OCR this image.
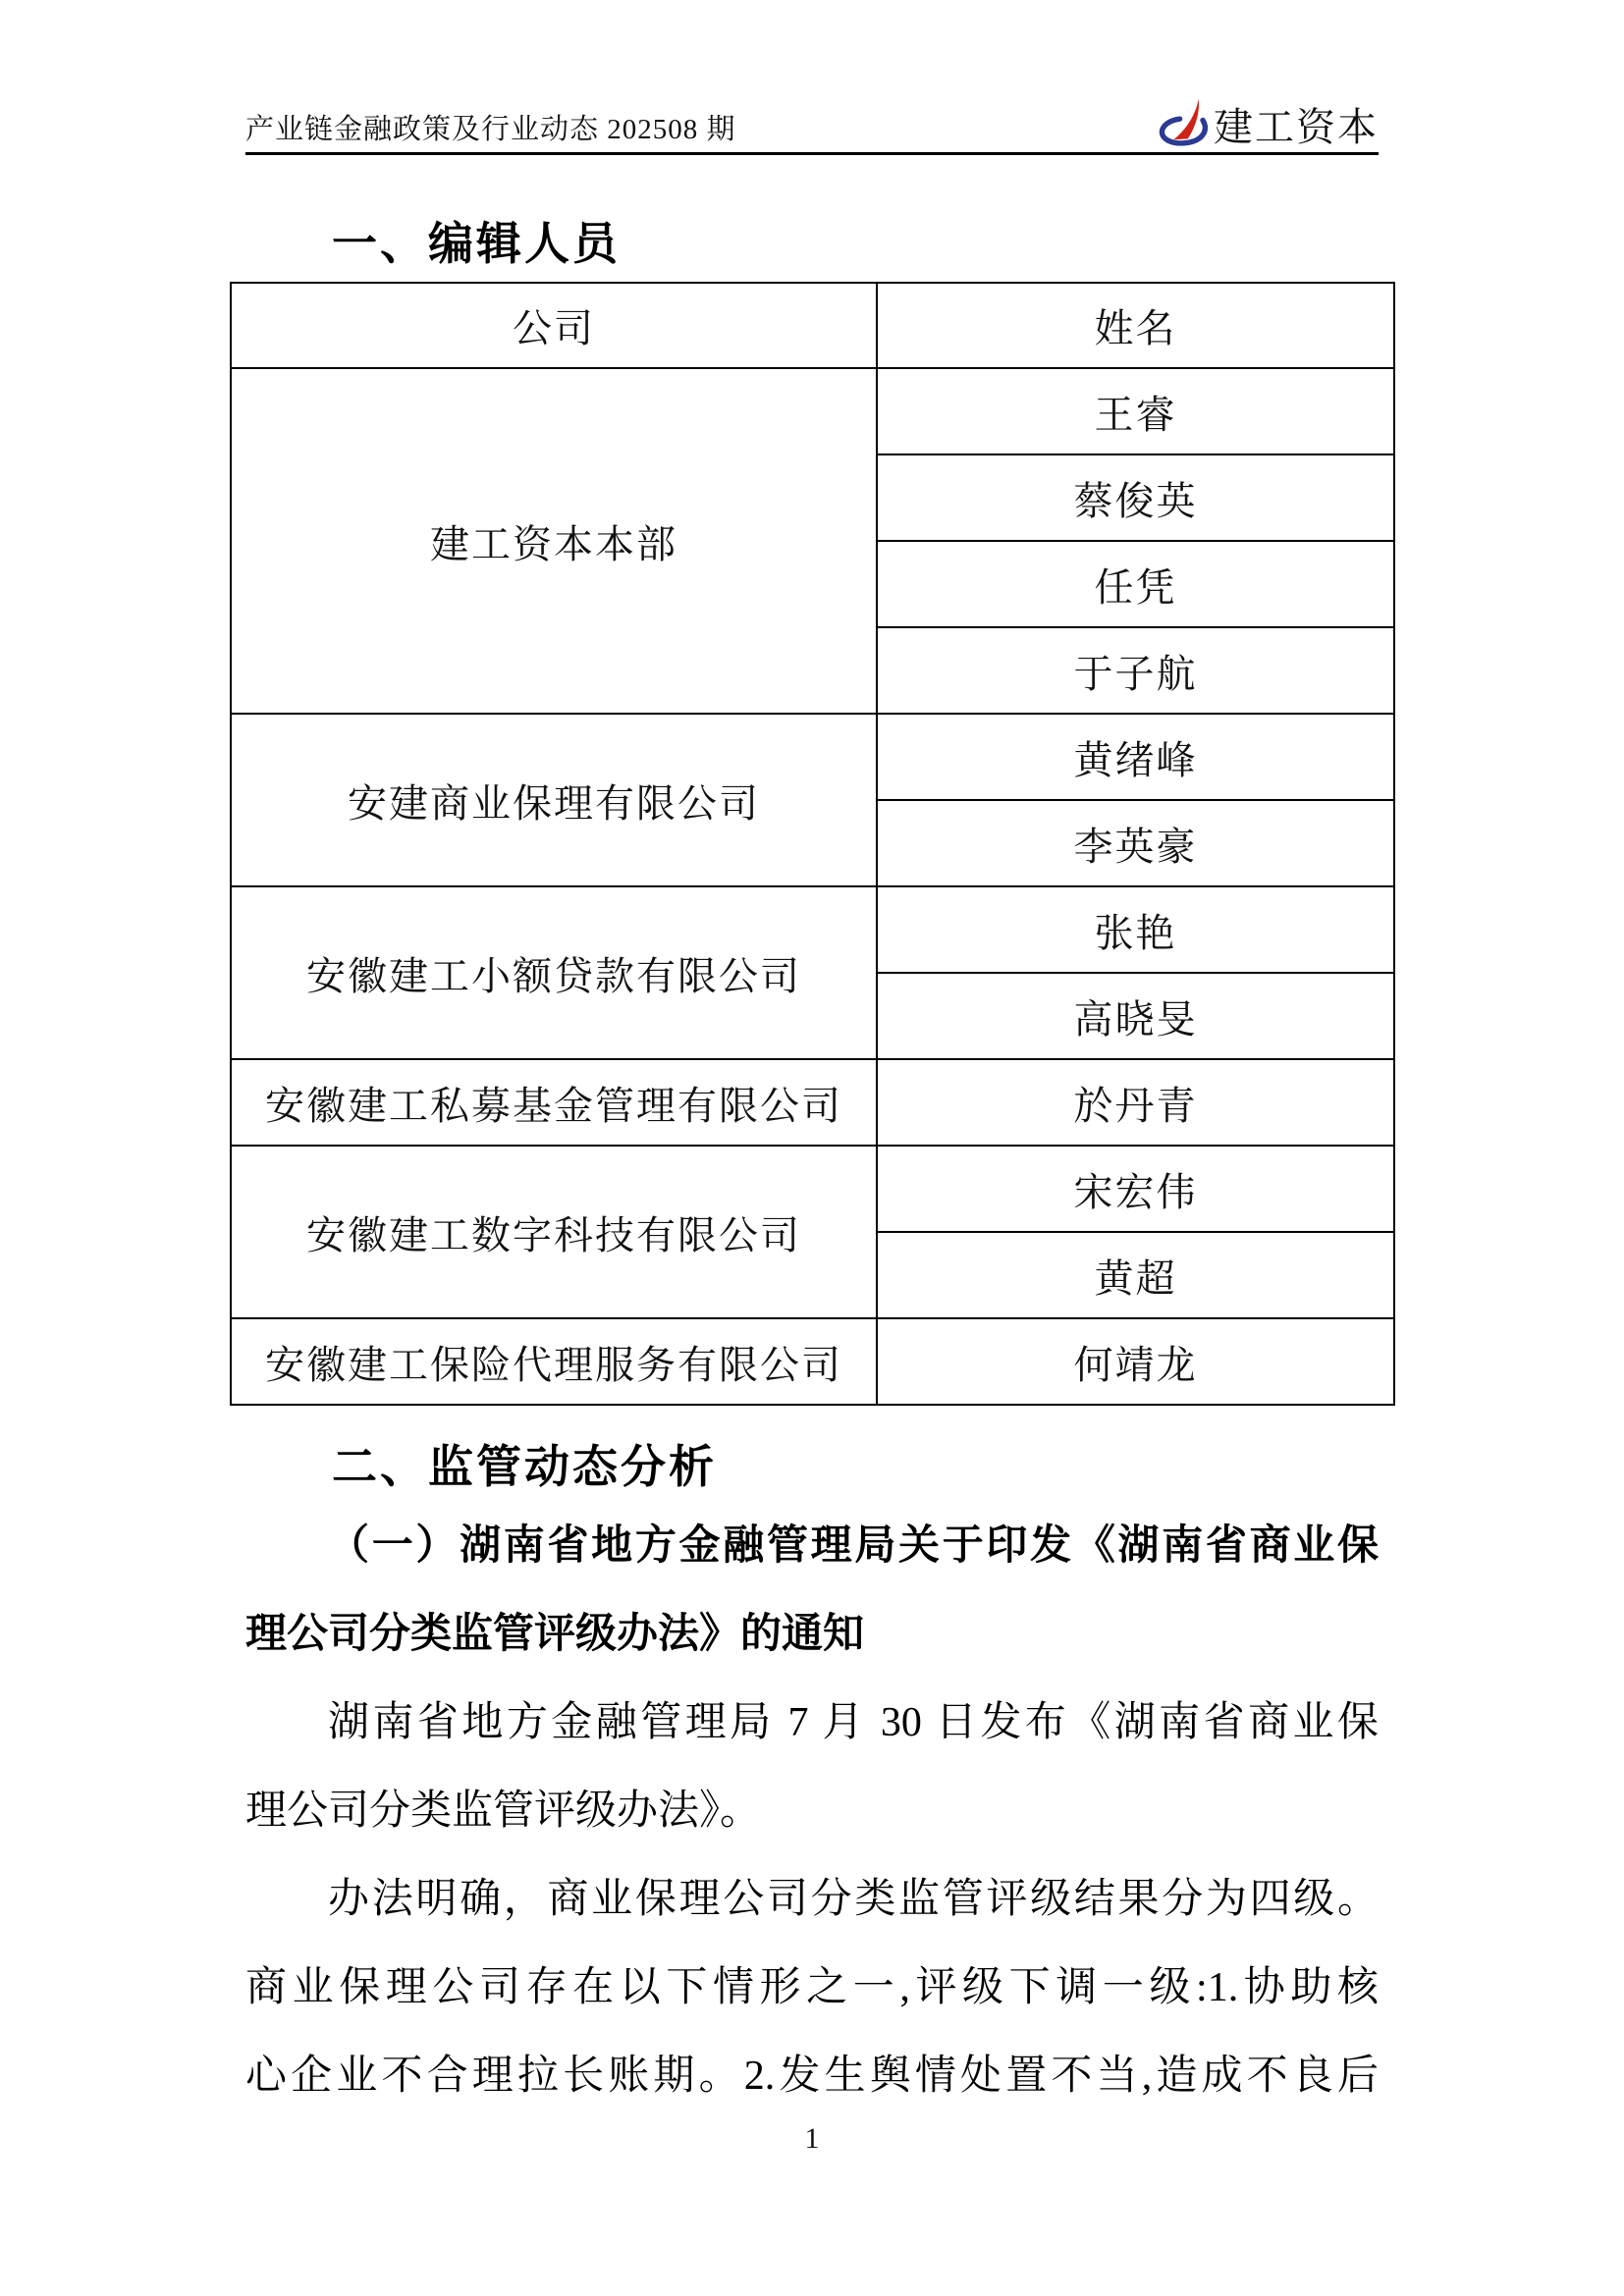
产业链金融政策及行业动态 202508 期	建工资本
一、编辑人员
公司	姓名
建工资本本部	王睿
	蔡俊英
	任凭
	于子航
安建商业保理有限公司	黄绪峰
	李英豪
安徽建工小额贷款有限公司	张艳
	高晓旻
安徽建工私募基金管理有限公司	於丹青
安徽建工数字科技有限公司	宋宏伟
	黄超
安徽建工保险代理服务有限公司	何靖龙
二、监管动态分析
（一）湖南省地方金融管理局关于印发《湖南省商业保
理公司分类监管评级办法》的通知
湖南省地方金融管理局 7 月 30 日发布《湖南省商业保
理公司分类监管评级办法》。
办法明确，商业保理公司分类监管评级结果分为四级。
商业保理公司存在以下情形之一,评级下调一级:1.协助核
心企业不合理拉长账期。2.发生舆情处置不当,造成不良后
1
